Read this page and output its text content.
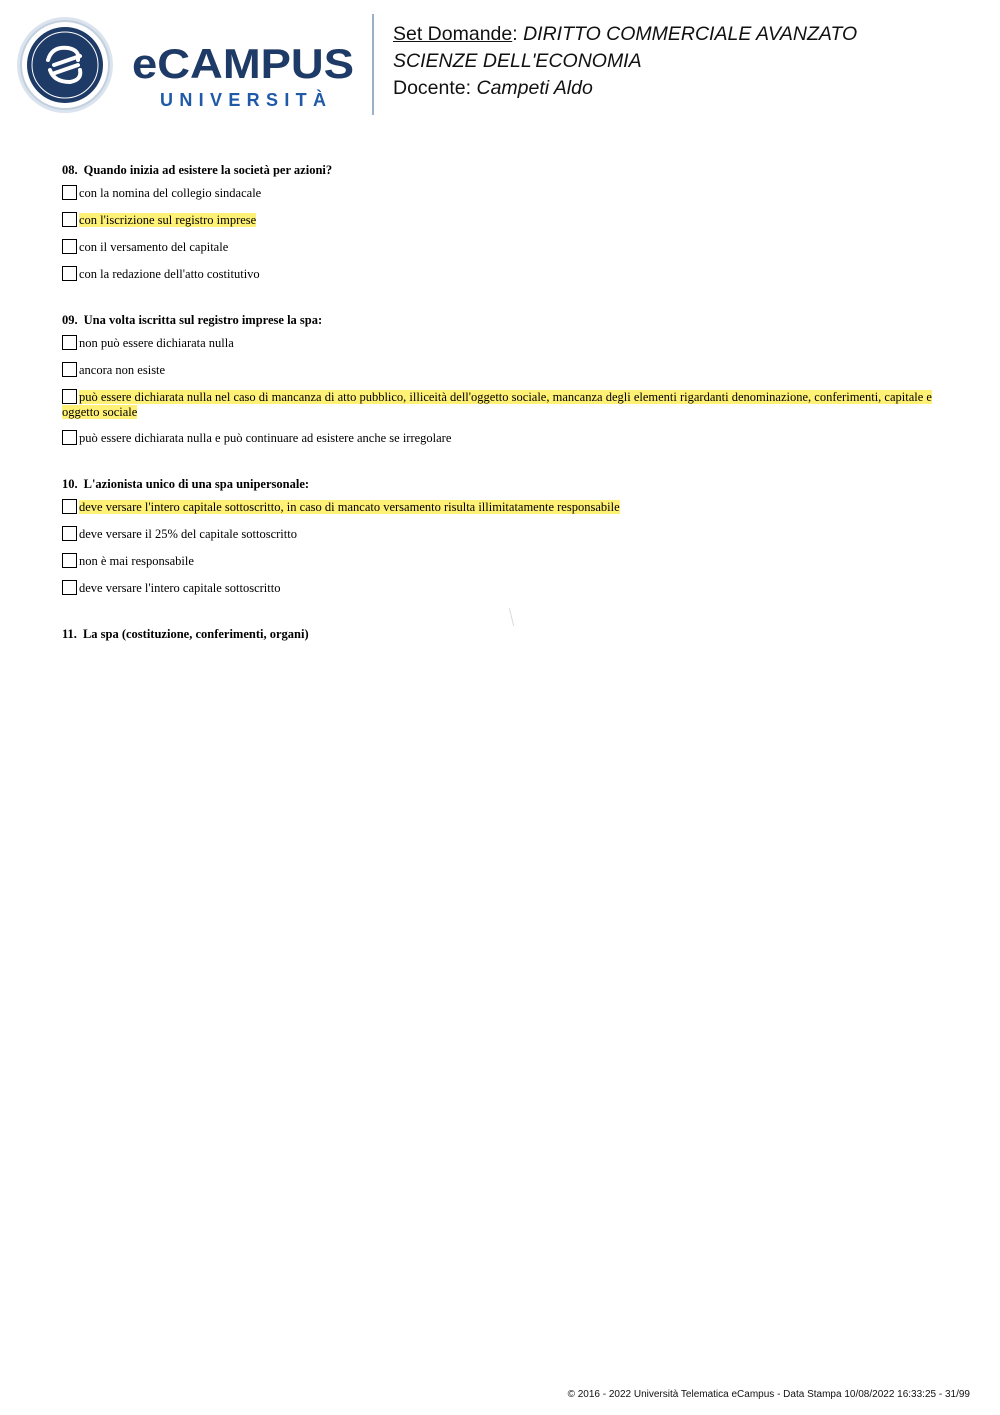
eCAMPUS
UNIVERSITÀ
Set Domande: DIRITTO COMMERCIALE AVANZATO
SCIENZE DELL'ECONOMIA
Docente: Campeti Aldo
08. Quando inizia ad esistere la società per azioni?
con la nomina del collegio sindacale
con l'iscrizione sul registro imprese
con il versamento del capitale
con la redazione dell'atto costitutivo
09. Una volta iscritta sul registro imprese la spa:
non può essere dichiarata nulla
ancora non esiste
può essere dichiarata nulla nel caso di mancanza di atto pubblico, illiceità dell'oggetto sociale, mancanza degli elementi rigardanti denominazione, conferimenti, capitale e oggetto sociale
può essere dichiarata nulla e può continuare ad esistere anche se irregolare
10. L'azionista unico di una spa unipersonale:
deve versare l'intero capitale sottoscritto, in caso di mancato versamento risulta illimitatamente responsabile
deve versare il 25% del capitale sottoscritto
non è mai responsabile
deve versare l'intero capitale sottoscritto
11. La spa (costituzione, conferimenti, organi)
© 2016 - 2022 Università Telematica eCampus - Data Stampa 10/08/2022 16:33:25 - 31/99
